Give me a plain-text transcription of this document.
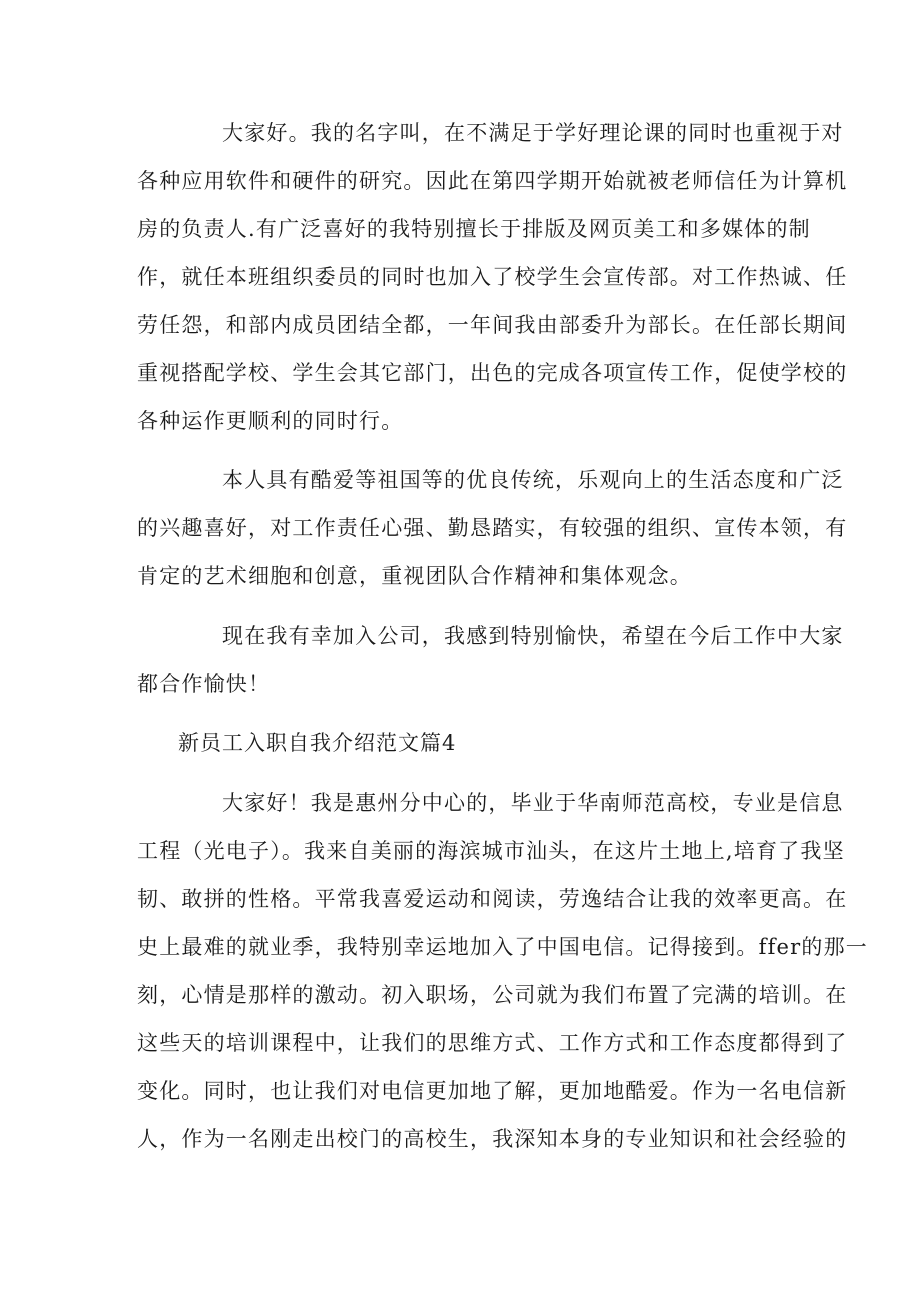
大家好。我的名字叫，在不满足于学好理论课的同时也重视于对
各种应用软件和硬件的研究。因此在第四学期开始就被老师信任为计算机
房的负责人.有广泛喜好的我特别擅长于排版及网页美工和多媒体的制
作，就任本班组织委员的同时也加入了校学生会宣传部。对工作热诚、任
劳任怨，和部内成员团结全都，一年间我由部委升为部长。在任部长期间
重视搭配学校、学生会其它部门，出色的完成各项宣传工作，促使学校的
各种运作更顺利的同时行。
本人具有酷爱等祖国等的优良传统，乐观向上的生活态度和广泛
的兴趣喜好，对工作责任心强、勤恳踏实，有较强的组织、宣传本领，有
肯定的艺术细胞和创意，重视团队合作精神和集体观念。
现在我有幸加入公司，我感到特别愉快，希望在今后工作中大家
都合作愉快！
新员工入职自我介绍范文篇4
大家好！我是惠州分中心的，毕业于华南师范高校，专业是信息
工程（光电子）。我来自美丽的海滨城市汕头，在这片土地上,培育了我坚
韧、敢拼的性格。平常我喜爱运动和阅读，劳逸结合让我的效率更高。在
史上最难的就业季，我特别幸运地加入了中国电信。记得接到。ffer的那一
刻，心情是那样的激动。初入职场，公司就为我们布置了完满的培训。在
这些天的培训课程中，让我们的思维方式、工作方式和工作态度都得到了
变化。同时，也让我们对电信更加地了解，更加地酷爱。作为一名电信新
人，作为一名刚走出校门的高校生，我深知本身的专业知识和社会经验的
